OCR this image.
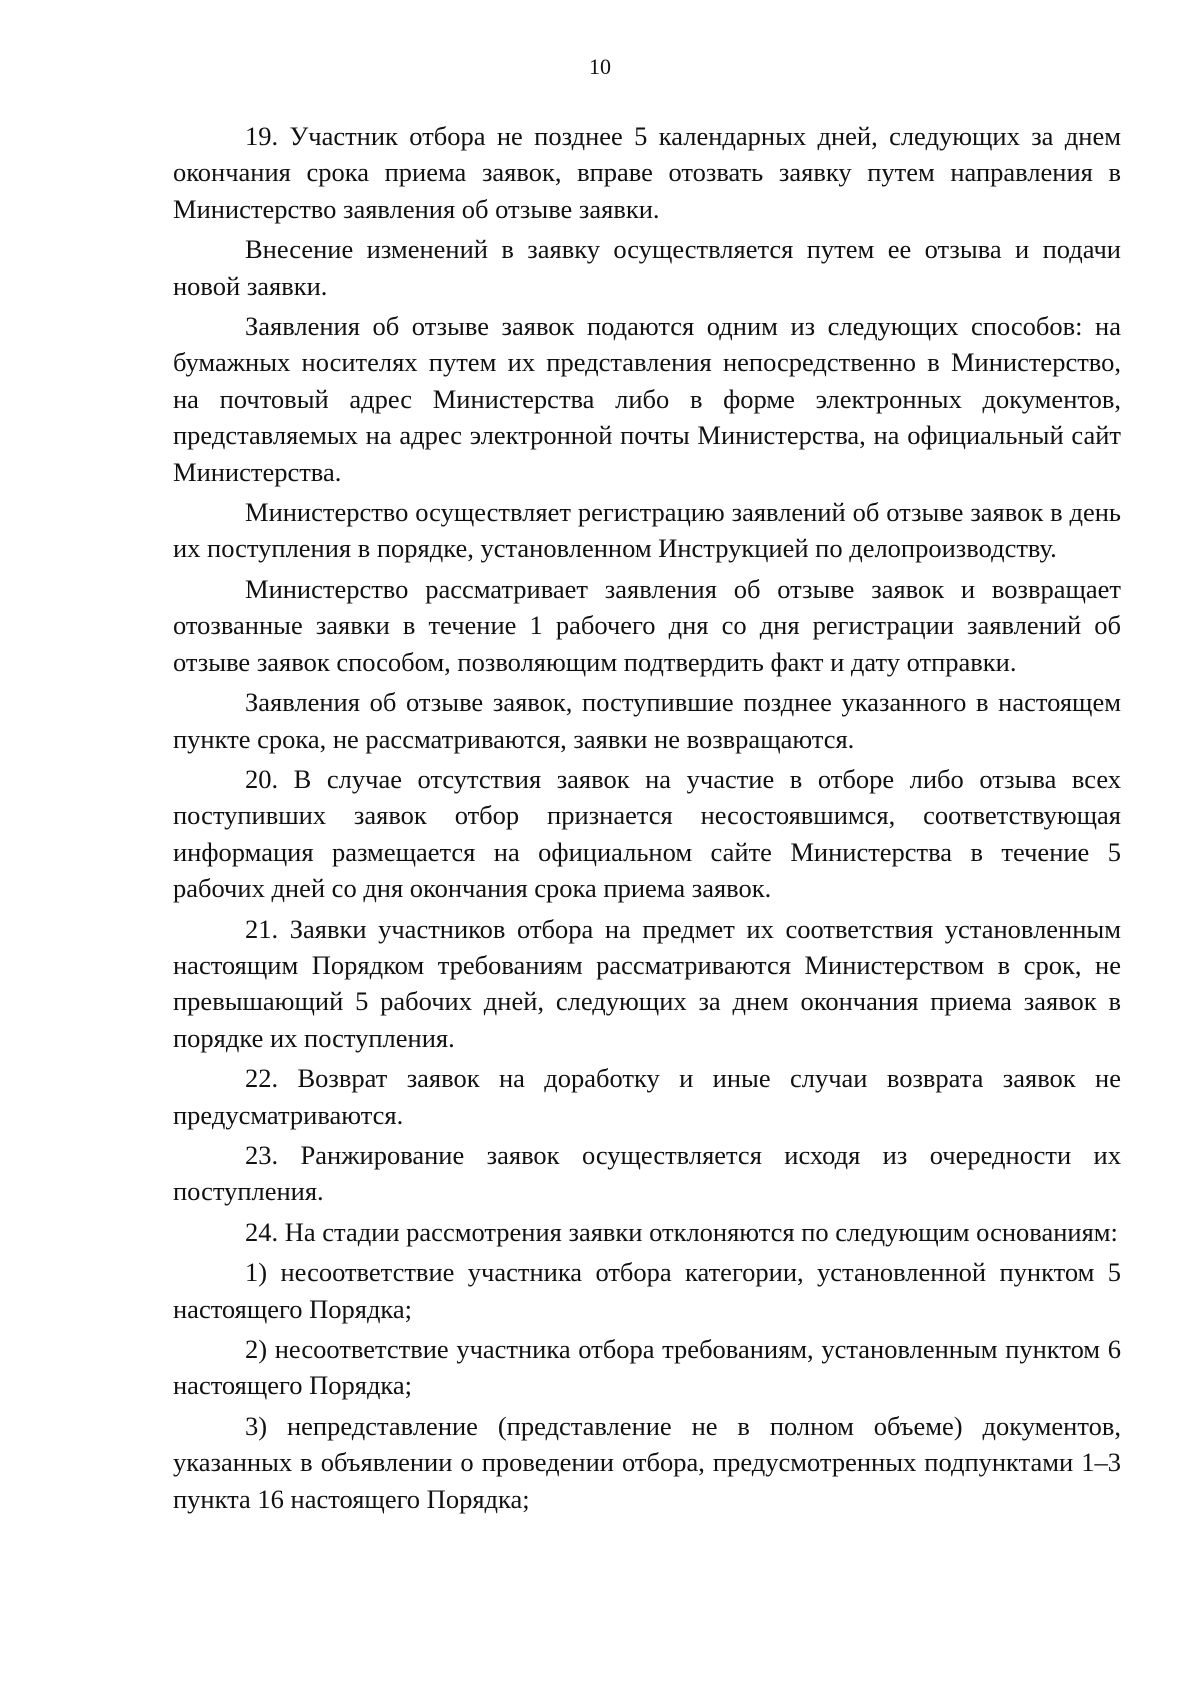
10

19. Участник отбора не позднее 5 календарных дней, следующих за днем окончания срока приема заявок, вправе отозвать заявку путем направления в Министерство заявления об отзыве заявки.

Внесение изменений в заявку осуществляется путем ее отзыва и подачи новой заявки.

Заявления об отзыве заявок подаются одним из следующих способов: на бумажных носителях путем их представления непосредственно в Министерство, на почтовый адрес Министерства либо в форме электронных документов, представляемых на адрес электронной почты Министерства, на официальный сайт Министерства.

Министерство осуществляет регистрацию заявлений об отзыве заявок в день их поступления в порядке, установленном Инструкцией по делопроизводству.

Министерство рассматривает заявления об отзыве заявок и возвращает отозванные заявки в течение 1 рабочего дня со дня регистрации заявлений об отзыве заявок способом, позволяющим подтвердить факт и дату отправки.

Заявления об отзыве заявок, поступившие позднее указанного в настоящем пункте срока, не рассматриваются, заявки не возвращаются.

20. В случае отсутствия заявок на участие в отборе либо отзыва всех поступивших заявок отбор признается несостоявшимся, соответствующая информация размещается на официальном сайте Министерства в течение 5 рабочих дней со дня окончания срока приема заявок.

21. Заявки участников отбора на предмет их соответствия установленным настоящим Порядком требованиям рассматриваются Министерством в срок, не превышающий 5 рабочих дней, следующих за днем окончания приема заявок в порядке их поступления.

22. Возврат заявок на доработку и иные случаи возврата заявок не предусматриваются.

23. Ранжирование заявок осуществляется исходя из очередности их поступления.

24. На стадии рассмотрения заявки отклоняются по следующим основаниям:

1) несоответствие участника отбора категории, установленной пунктом 5 настоящего Порядка;

2) несоответствие участника отбора требованиям, установленным пунктом 6 настоящего Порядка;

3) непредставление (представление не в полном объеме) документов, указанных в объявлении о проведении отбора, предусмотренных подпунктами 1–3 пункта 16 настоящего Порядка;
